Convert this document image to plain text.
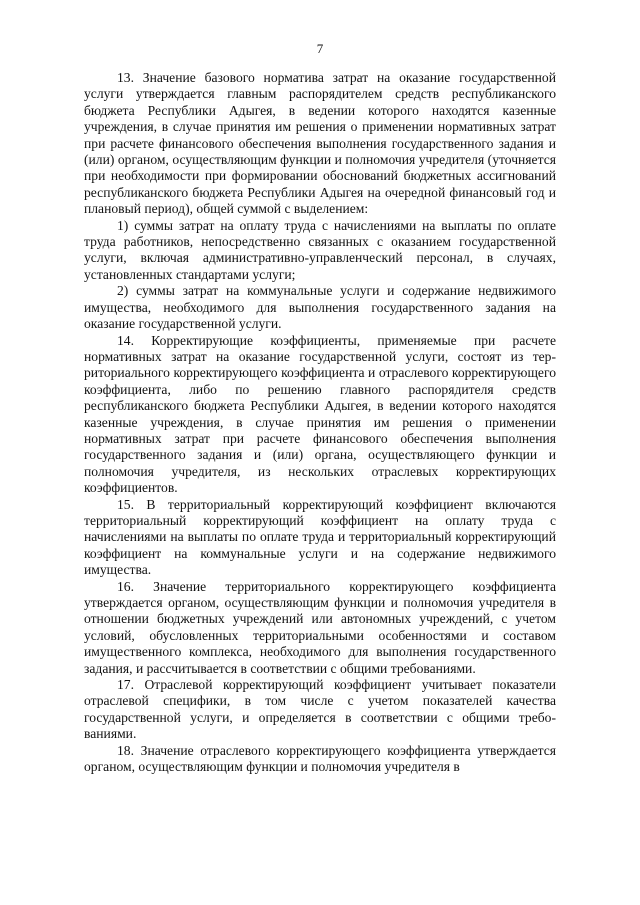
7

13. Значение базового норматива затрат на оказание государственной услуги утверждается главным распорядителем средств республиканского бюджета Республики Адыгея, в ведении которого находятся казенные учреждения, в случае принятия им решения о применении нормативных затрат при расчете финансового обеспечения выполнения государственного задания и (или) органом, осуществляющим функции и полномочия учредителя (уточняется при необходимости при формировании обоснований бюджетных ассигнований республиканского бюджета Республики Адыгея на очередной финансовый год и плановый период), общей суммой с выделением:

1) суммы затрат на оплату труда с начислениями на выплаты по оплате труда работников, непосредственно связанных с оказанием государственной услуги, включая административно-управленческий персонал, в случаях, установленных стандартами услуги;

2) суммы затрат на коммунальные услуги и содержание недвижимого имущества, необходимого для выполнения государственного задания на оказание государственной услуги.

14. Корректирующие коэффициенты, применяемые при расчете нормативных затрат на оказание государственной услуги, состоят из территориального корректирующего коэффициента и отраслевого корректирующего коэффициента, либо по решению главного распорядителя средств республиканского бюджета Республики Адыгея, в ведении которого находятся казенные учреждения, в случае принятия им решения о применении нормативных затрат при расчете финансового обеспечения выполнения государственного задания и (или) органа, осуществляющего функции и полномочия учредителя, из нескольких отраслевых корректирующих коэффициентов.

15. В территориальный корректирующий коэффициент включаются территориальный корректирующий коэффициент на оплату труда с начислениями на выплаты по оплате труда и территориальный корректирующий коэффициент на коммунальные услуги и на содержание недвижимого имущества.

16. Значение территориального корректирующего коэффициента утверждается органом, осуществляющим функции и полномочия учредителя в отношении бюджетных учреждений или автономных учреждений, с учетом условий, обусловленных территориальными особенностями и составом имущественного комплекса, необходимого для выполнения государственного задания, и рассчитывается в соответствии с общими требованиями.

17. Отраслевой корректирующий коэффициент учитывает показатели отраслевой специфики, в том числе с учетом показателей качества государственной услуги, и определяется в соответствии с общими требованиями.

18. Значение отраслевого корректирующего коэффициента утверждается органом, осуществляющим функции и полномочия учредителя в
